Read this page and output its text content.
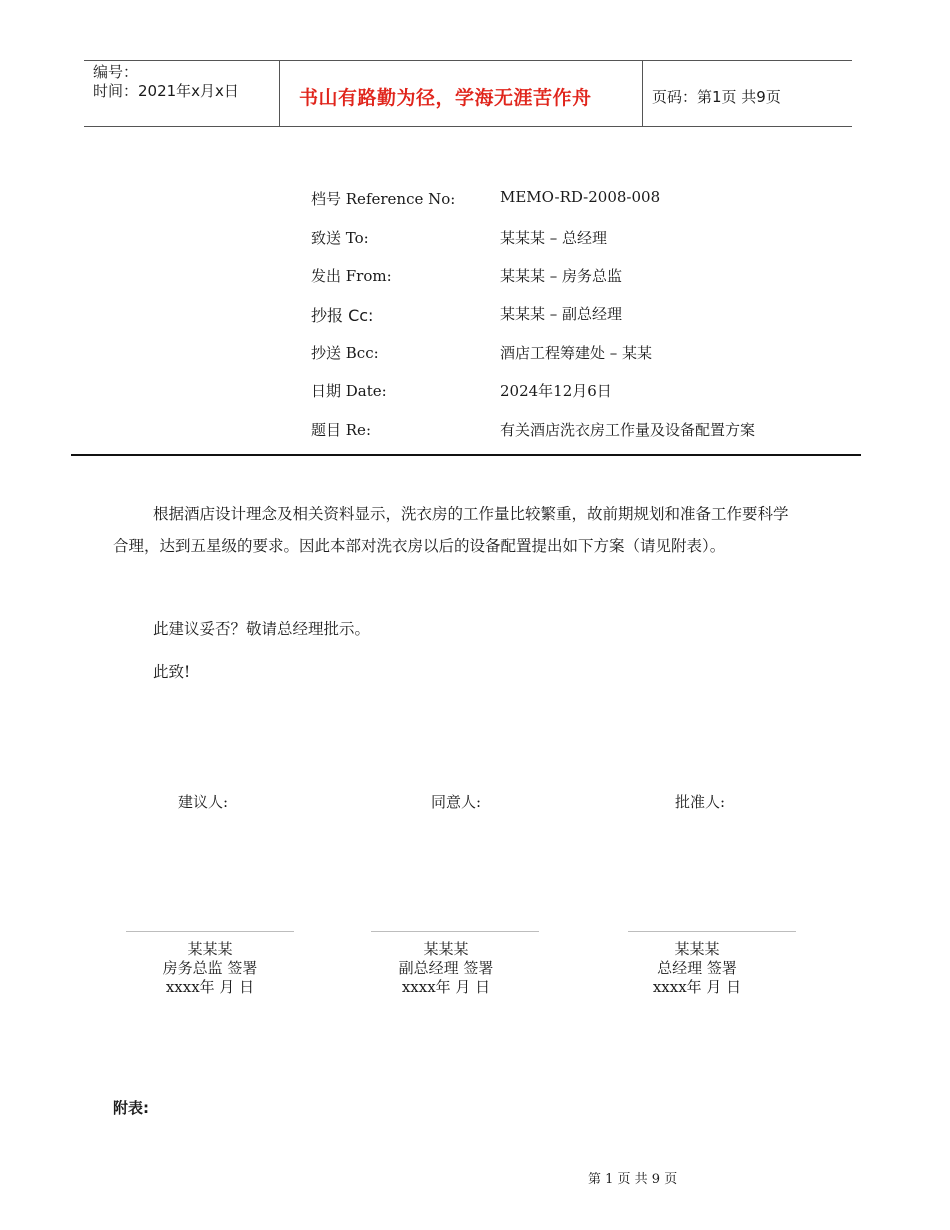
编号：
时间：2021年x月x日	书山有路勤为径，学海无涯苦作舟	页码：第1页 共9页
档号 Reference No:	MEMO-RD-2008-008
致送 To:	某某某 – 总经理
发出 From:	某某某 – 房务总监
抄报 Cc:	某某某 – 副总经理
抄送 Bcc:	酒店工程筹建处 – 某某
日期 Date:	2024年12月6日
题目 Re:	有关酒店洗衣房工作量及设备配置方案
根据酒店设计理念及相关资料显示，洗衣房的工作量比较繁重，故前期规划和准备工作要科学
合理，达到五星级的要求。因此本部对洗衣房以后的设备配置提出如下方案（请见附表）。
此建议妥否？敬请总经理批示。
此致!
建议人:	同意人:	批准人:
某某某
房务总监 签署
xxxx年 月 日
某某某
副总经理 签署
xxxx年 月 日
某某某
总经理 签署
xxxx年 月 日
附表:
第 1 页 共 9 页
